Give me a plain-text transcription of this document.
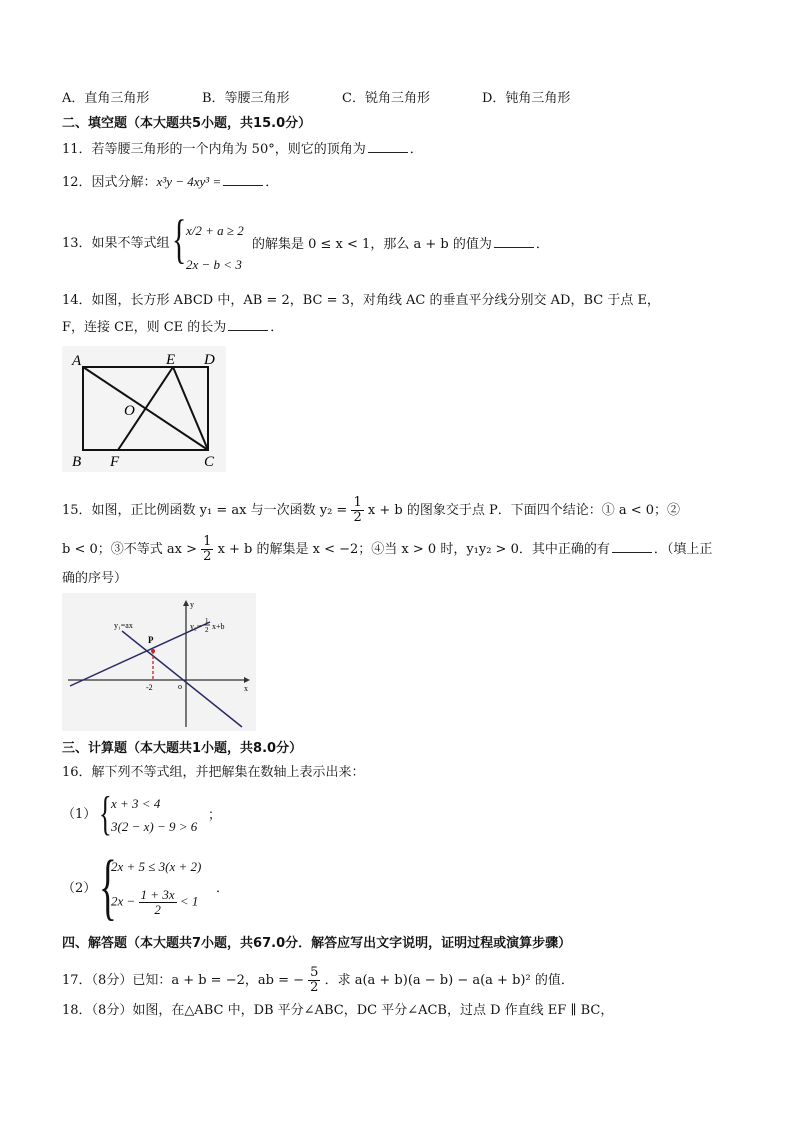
A．直角三角形	B．等腰三角形	C．锐角三角形	D．钝角三角形
二、填空题（本大题共5小题，共15.0分）
11．若等腰三角形的一个内角为 50°，则它的顶角为	．
12．因式分解：x³y − 4xy³ =	．
13．如果不等式组 { x/2 + a ≥ 2
2x − b < 3
的解集是 0 ≤ x < 1，那么 a + b 的值为	．
14．如图，长方形 ABCD 中，AB = 2，BC = 3，对角线 AC 的垂直平分线分别交 AD，BC 于点 E，
F，连接 CE，则 CE 的长为	．
A	E D
O
B F	C
15．如图，正比例函数 y₁ = ax 与一次函数 $y_2 = \frac{1}{2}$ x + b 的图象交于点 P．下面四个结论：① a < 0；②
b < 0；③不等式 ax > $\frac{1}{2}$ x + b 的解集是 x < −2；④当 x > 0 时，y₁y₂ > 0．其中正确的有	．（填上正
确的序号）
y₁=ax	y₂=
1
2 x+b
P
-2	o	x
y
三、计算题（本大题共1小题，共8.0分）
16．解下列不等式组，并把解集在数轴上表示出来：
（1） { x + 3 < 4
3(2 − x) − 9 > 6
；
（2） {
2x + 5 ≤ 3(x + 2)
$2x - \frac{1 + 3x}{2} < 1$
．
四、解答题（本大题共7小题，共67.0分．解答应写出文字说明，证明过程或演算步骤）
17．（8分）已知：a + b = −2，ab = − $\frac{5}{2}$ ．求 a(a + b)(a − b) − a(a + b)² 的值．
18．（8分）如图，在△ABC 中，DB 平分∠ABC，DC 平分∠ACB，过点 D 作直线 EF ∥ BC，
